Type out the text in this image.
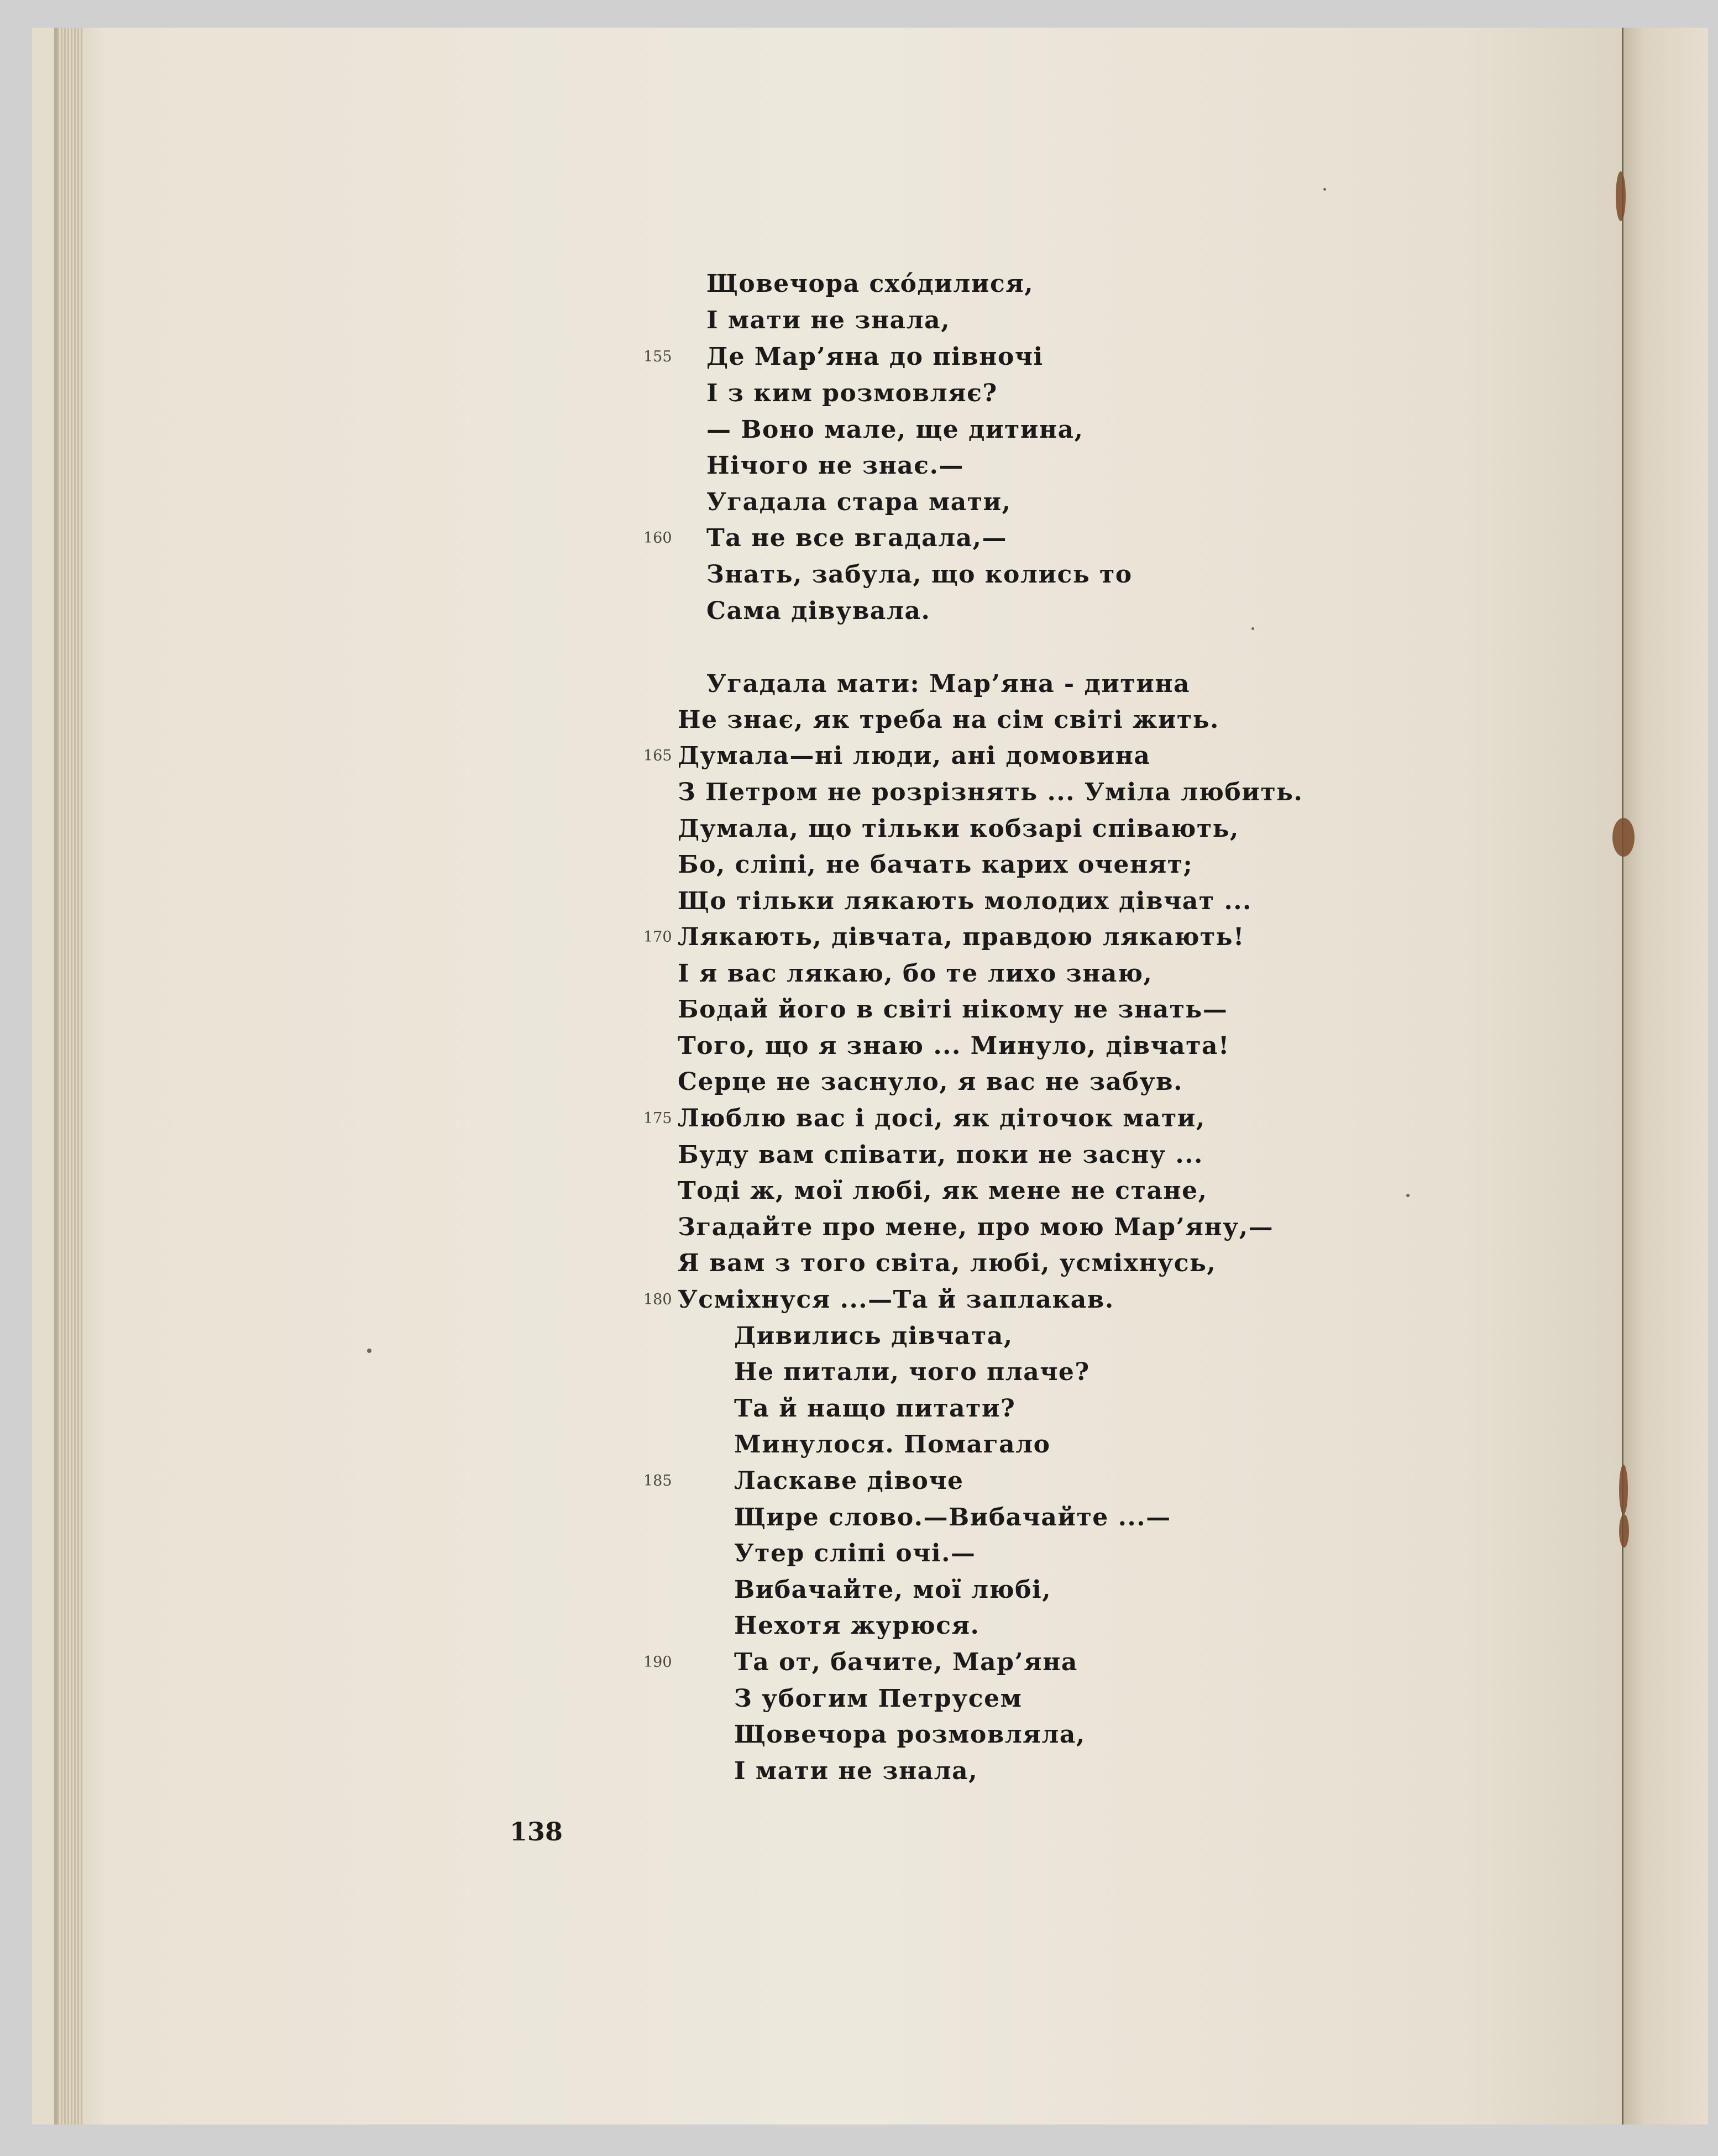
155
160
165
170
175
180
185
190
Щовечора схóдилися,
І мати не знала,
Де Мар’яна до півночі
І з ким розмовляє?
— Воно мале, ще дитина,
Нічого не знає.—
Угадала стара мати,
Та не все вгадала,—
Знать, забула, що колись то
Сама дівувала.
Угадала мати: Мар’яна - дитина
Не знає, як треба на сім світі жить.
Думала—ні люди, ані домовина
З Петром не розрізнять ... Уміла любить.
Думала, що тільки кобзарі співають,
Бо, сліпі, не бачать карих оченят;
Що тільки лякають молодих дівчат ...
Лякають, дівчата, правдою лякають!
І я вас лякаю, бо те лихо знаю,
Бодай його в світі нікому не знать—
Того, що я знаю ... Минуло, дівчата!
Серце не заснуло, я вас не забув.
Люблю вас і досі, як діточок мати,
Буду вам співати, поки не засну ...
Тоді ж, мої любі, як мене не стане,
Згадайте про мене, про мою Мар’яну,—
Я вам з того світа, любі, усміхнусь,
Усміхнуся ...—Та й заплакав.
Дивились дівчата,
Не питали, чого плаче?
Та й нащо питати?
Минулося. Помагало
Ласкаве дівоче
Щире слово.—Вибачайте ...—
Утер сліпі очі.—
Вибачайте, мої любі,
Нехотя журюся.
Та от, бачите, Мар’яна
З убогим Петрусем
Щовечора розмовляла,
І мати не знала,
138
